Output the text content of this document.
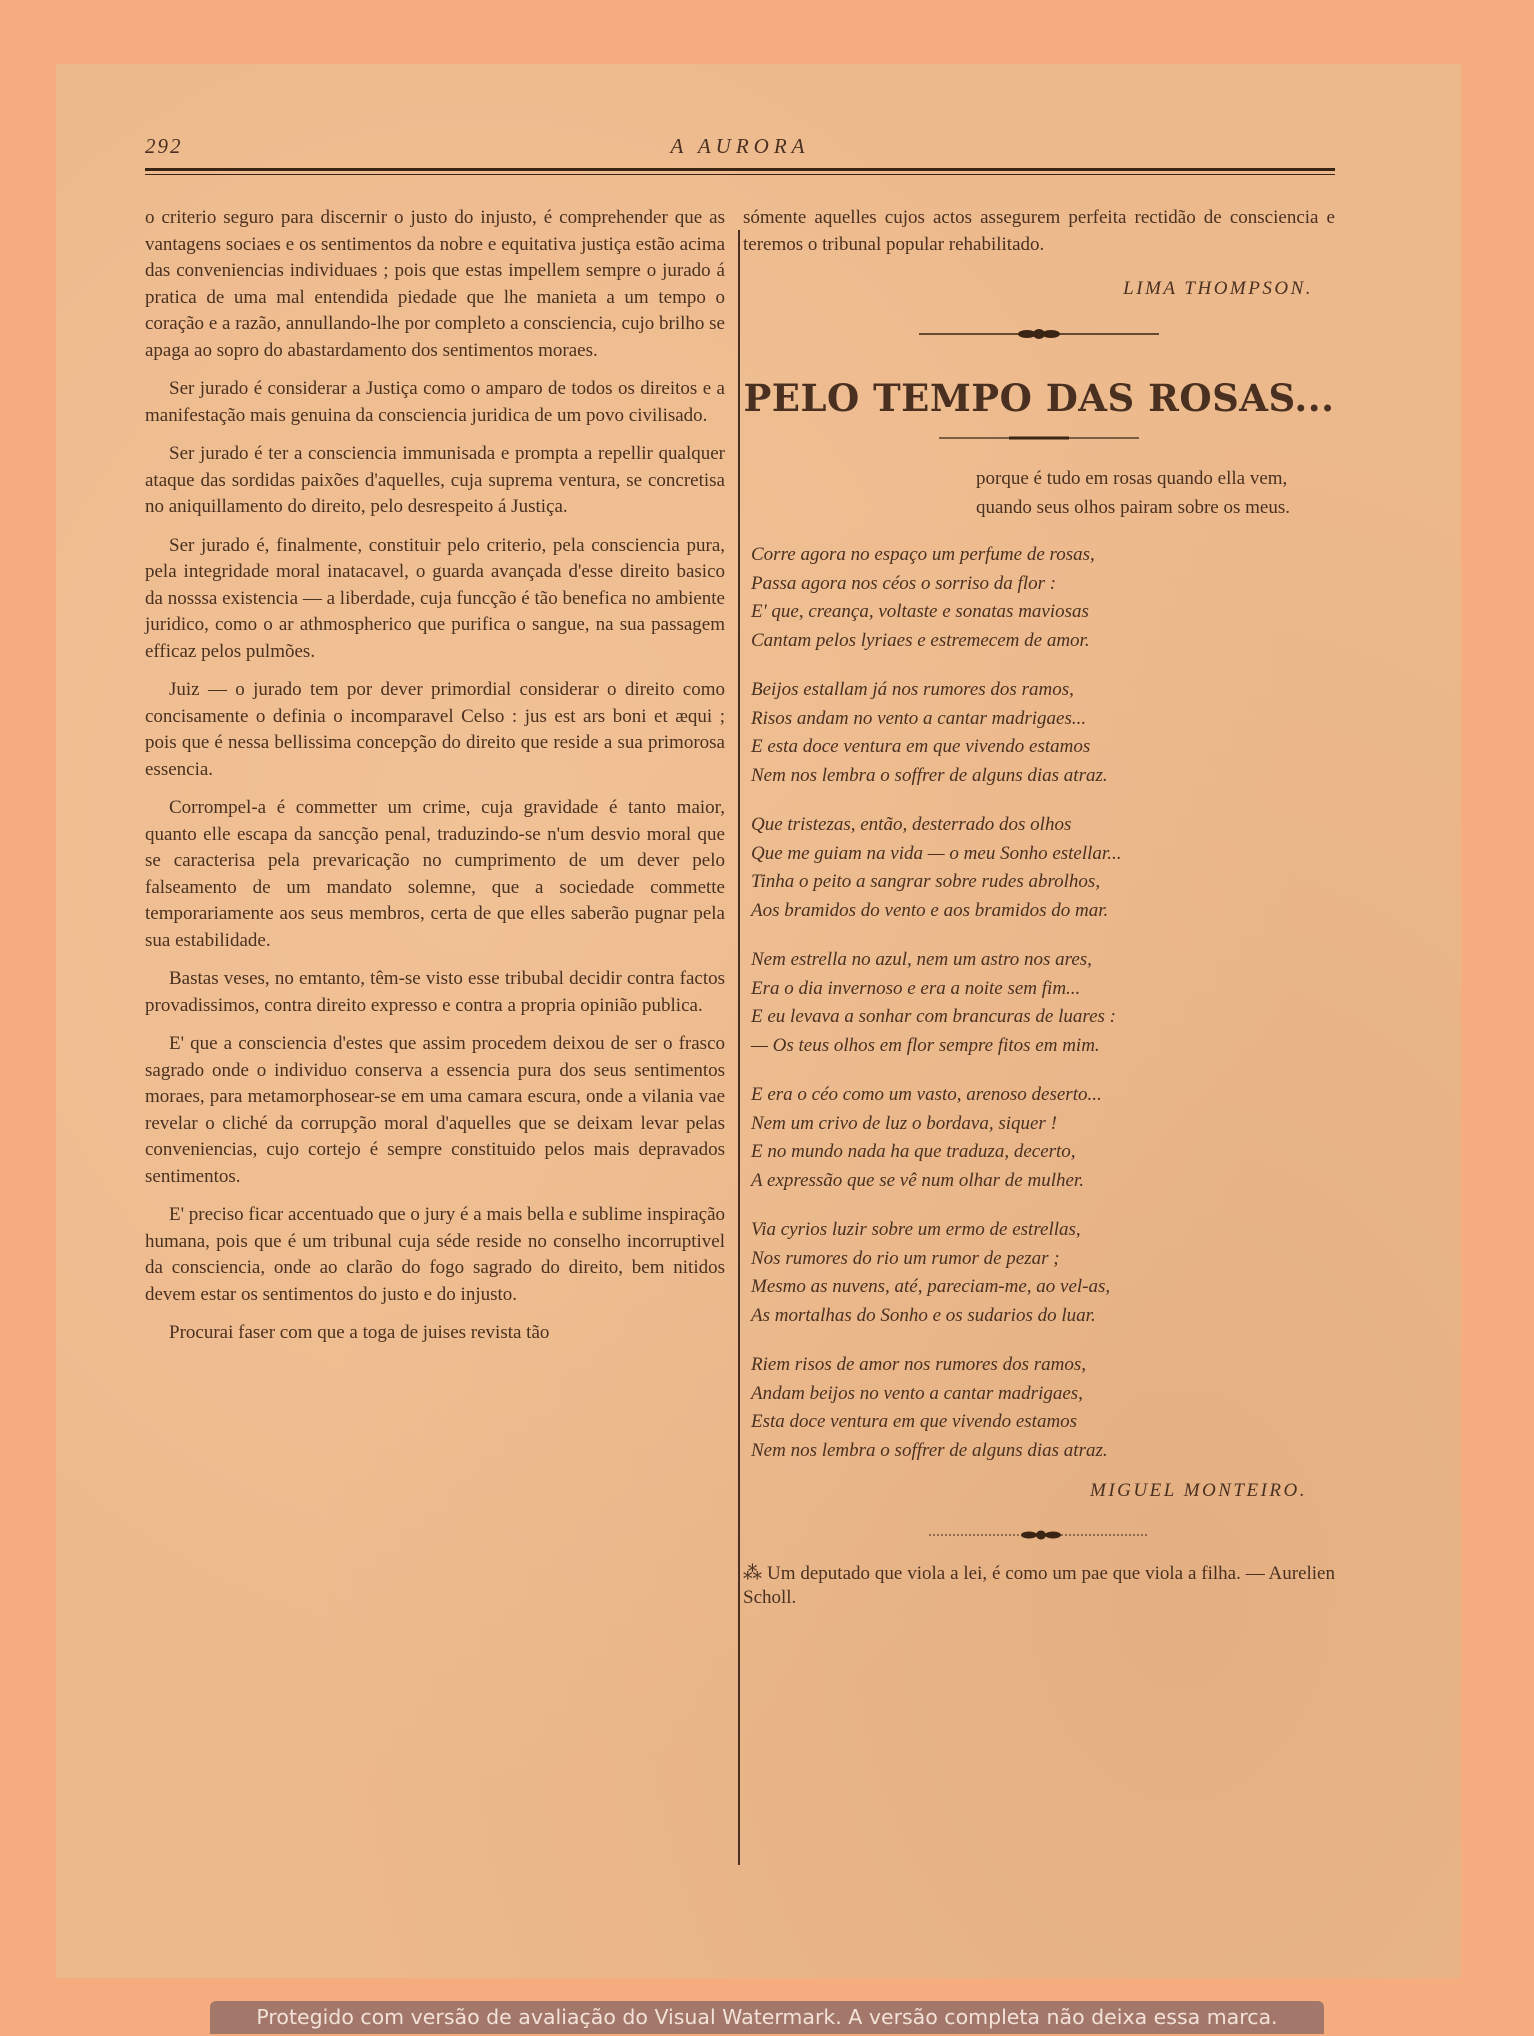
A AURORA
292

o criterio seguro para discernir o justo do injusto, é comprehender que as vantagens sociaes e os sentimentos da nobre e equitativa justiça estão acima das conveniencias individuaes ; pois que estas impellem sempre o jurado á pratica de uma mal entendida piedade que lhe manieta a um tempo o coração e a razão, annullando-lhe por completo a consciencia, cujo brilho se apaga ao sopro do abastardamento dos sentimentos moraes.

Ser jurado é considerar a Justiça como o amparo de todos os direitos e a manifestação mais genuina da consciencia juridica de um povo civilisado.

Ser jurado é ter a consciencia immunisada e prompta a repellir qualquer ataque das sordidas paixões d'aquelles, cuja suprema ventura, se concretisa no aniquillamento do direito, pelo desrespeito á Justiça.

Ser jurado é, finalmente, constituir pelo criterio, pela consciencia pura, pela integridade moral inatacavel, o guarda avançada d'esse direito basico da nosssa existencia — a liberdade, cuja funcção é tão benefica no ambiente juridico, como o ar athmospherico que purifica o sangue, na sua passagem efficaz pelos pulmões.

Juiz — o jurado tem por dever primordial considerar o direito como concisamente o definia o incomparavel Celso : jus est ars boni et æqui ; pois que é nessa bellissima concepção do direito que reside a sua primorosa essencia.

Corrompel-a é commetter um crime, cuja gravidade é tanto maior, quanto elle escapa da sancção penal, traduzindo-se n'um desvio moral que se caracterisa pela prevaricação no cumprimento de um dever pelo falseamento de um mandato solemne, que a sociedade commette temporariamente aos seus membros, certa de que elles saberão pugnar pela sua estabilidade.

Bastas veses, no emtanto, têm-se visto esse tribubal decidir contra factos provadissimos, contra direito expresso e contra a propria opinião publica.

E' que a consciencia d'estes que assim procedem deixou de ser o frasco sagrado onde o individuo conserva a essencia pura dos seus sentimentos moraes, para metamorphosear-se em uma camara escura, onde a vilania vae revelar o cliché da corrupção moral d'aquelles que se deixam levar pelas conveniencias, cujo cortejo é sempre constituido pelos mais depravados sentimentos.

E' preciso ficar accentuado que o jury é a mais bella e sublime inspiração humana, pois que é um tribunal cuja séde reside no conselho incorruptivel da consciencia, onde ao clarão do fogo sagrado do direito, bem nitidos devem estar os sentimentos do justo e do injusto.

Procurai faser com que a toga de juises revista tão

sómente aquelles cujos actos assegurem perfeita rectidão de consciencia e teremos o tribunal popular rehabilitado.

LIMA THOMPSON.
PELO TEMPO DAS ROSAS...
porque é tudo em rosas quando ella vem, quando seus olhos pairam sobre os meus.
Corre agora no espaço um perfume de rosas,
Passa agora nos céos o sorriso da flor :
E' que, creança, voltaste e sonatas maviosas
Cantam pelos lyriaes e estremecem de amor.
Beijos estallam já nos rumores dos ramos,
Risos andam no vento a cantar madrigaes...
E esta doce ventura em que vivendo estamos
Nem nos lembra o soffrer de alguns dias atraz.
Que tristezas, então, desterrado dos olhos
Que me guiam na vida — o meu Sonho estellar...
Tinha o peito a sangrar sobre rudes abrolhos,
Aos bramidos do vento e aos bramidos do mar.
Nem estrella no azul, nem um astro nos ares,
Era o dia invernoso e era a noite sem fim...
E eu levava a sonhar com brancuras de luares :
— Os teus olhos em flor sempre fitos em mim.
E era o céo como um vasto, arenoso deserto...
Nem um crivo de luz o bordava, siquer !
E no mundo nada ha que traduza, decerto,
A expressão que se vê num olhar de mulher.
Via cyrios luzir sobre um ermo de estrellas,
Nos rumores do rio um rumor de pezar ;
Mesmo as nuvens, até, pareciam-me, ao vel-as,
As mortalhas do Sonho e os sudarios do luar.
Riem risos de amor nos rumores dos ramos,
Andam beijos no vento a cantar madrigaes,
Esta doce ventura em que vivendo estamos
Nem nos lembra o soffrer de alguns dias atraz.
MIGUEL MONTEIRO.

⁂ Um deputado que viola a lei, é como um pae que viola a filha. — Aurelien Scholl.

Protegido com versão de avaliação do Visual Watermark. A versão completa não deixa essa marca.
